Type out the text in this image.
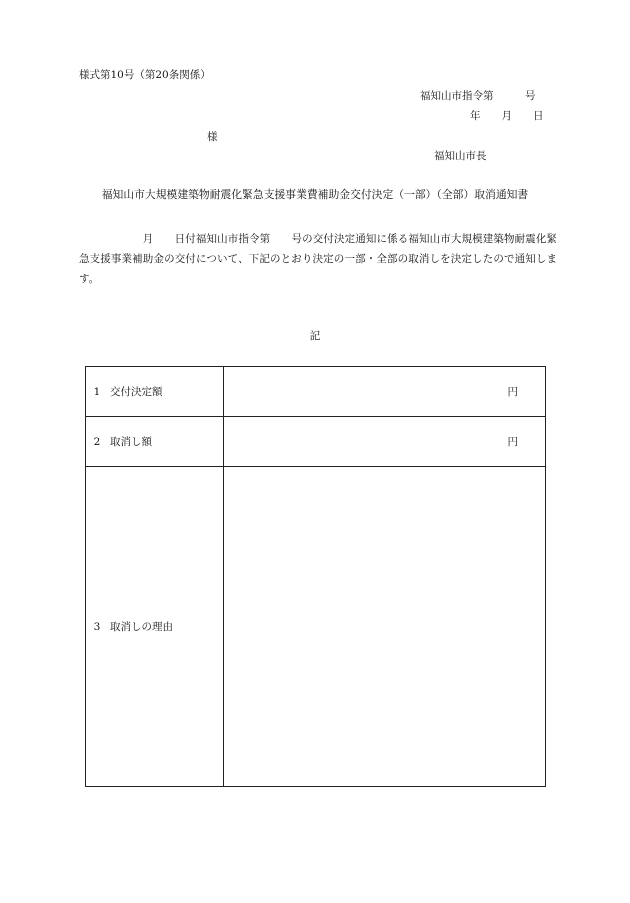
様式第10号（第20条関係）
福知山市指令第　　　号
年　　月　　日
様
福知山市長
福知山市大規模建築物耐震化緊急支援事業費補助金交付決定（一部）（全部）取消通知書
　　　　　　月　　日付福知山市指令第　　号の交付決定通知に係る福知山市大規模建築物耐震化緊急支援事業補助金の交付について、下記のとおり決定の一部・全部の取消しを決定したので通知します。
記
1	交付決定額	円
2	取消し額	円
3	取消しの理由	
